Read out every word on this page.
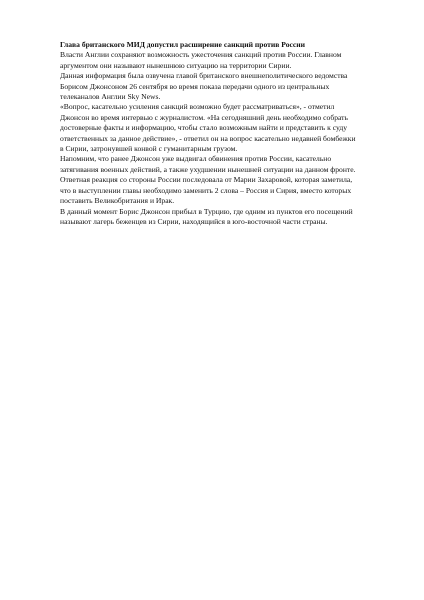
Глава британского МИД допустил расширение санкций против России

Власти Англии сохраняют возможность ужесточения санкций против России. Главном аргументом они называют нынешнюю ситуацию на территории Сирии.

Данная информация была озвучена главой британского внешнеполитического ведомства Борисом Джонсоном 26 сентября во время показа передачи одного из центральных телеканалов Англии Sky News.

«Вопрос, касательно усиления санкций возможно будет рассматриваться», - отметил Джонсон во время интервью с журналистом. «На сегодняшний день необходимо собрать достоверные факты и информацию, чтобы стало возможным найти и представить к суду ответственных за данное действие», - ответил он на вопрос касательно недавней бомбежки в Сирии, затронувшей конвой с гуманитарным грузом.

Напомним, что ранее Джонсон уже выдвигал обвинения против России, касательно затягивания военных действий, а также ухудшении нынешней ситуации на данном фронте. Ответная реакция со стороны России последовала от Марии Захаровой, которая заметила, что в выступлении главы необходимо заменить 2 слова – Россия и Сирия, вместо которых поставить Великобритания и Ирак.

В данный момент Борис Джонсон прибыл в Турцию, где одним из пунктов его посещений называют лагерь беженцев из Сирии, находящийся в юго-восточной части страны.
